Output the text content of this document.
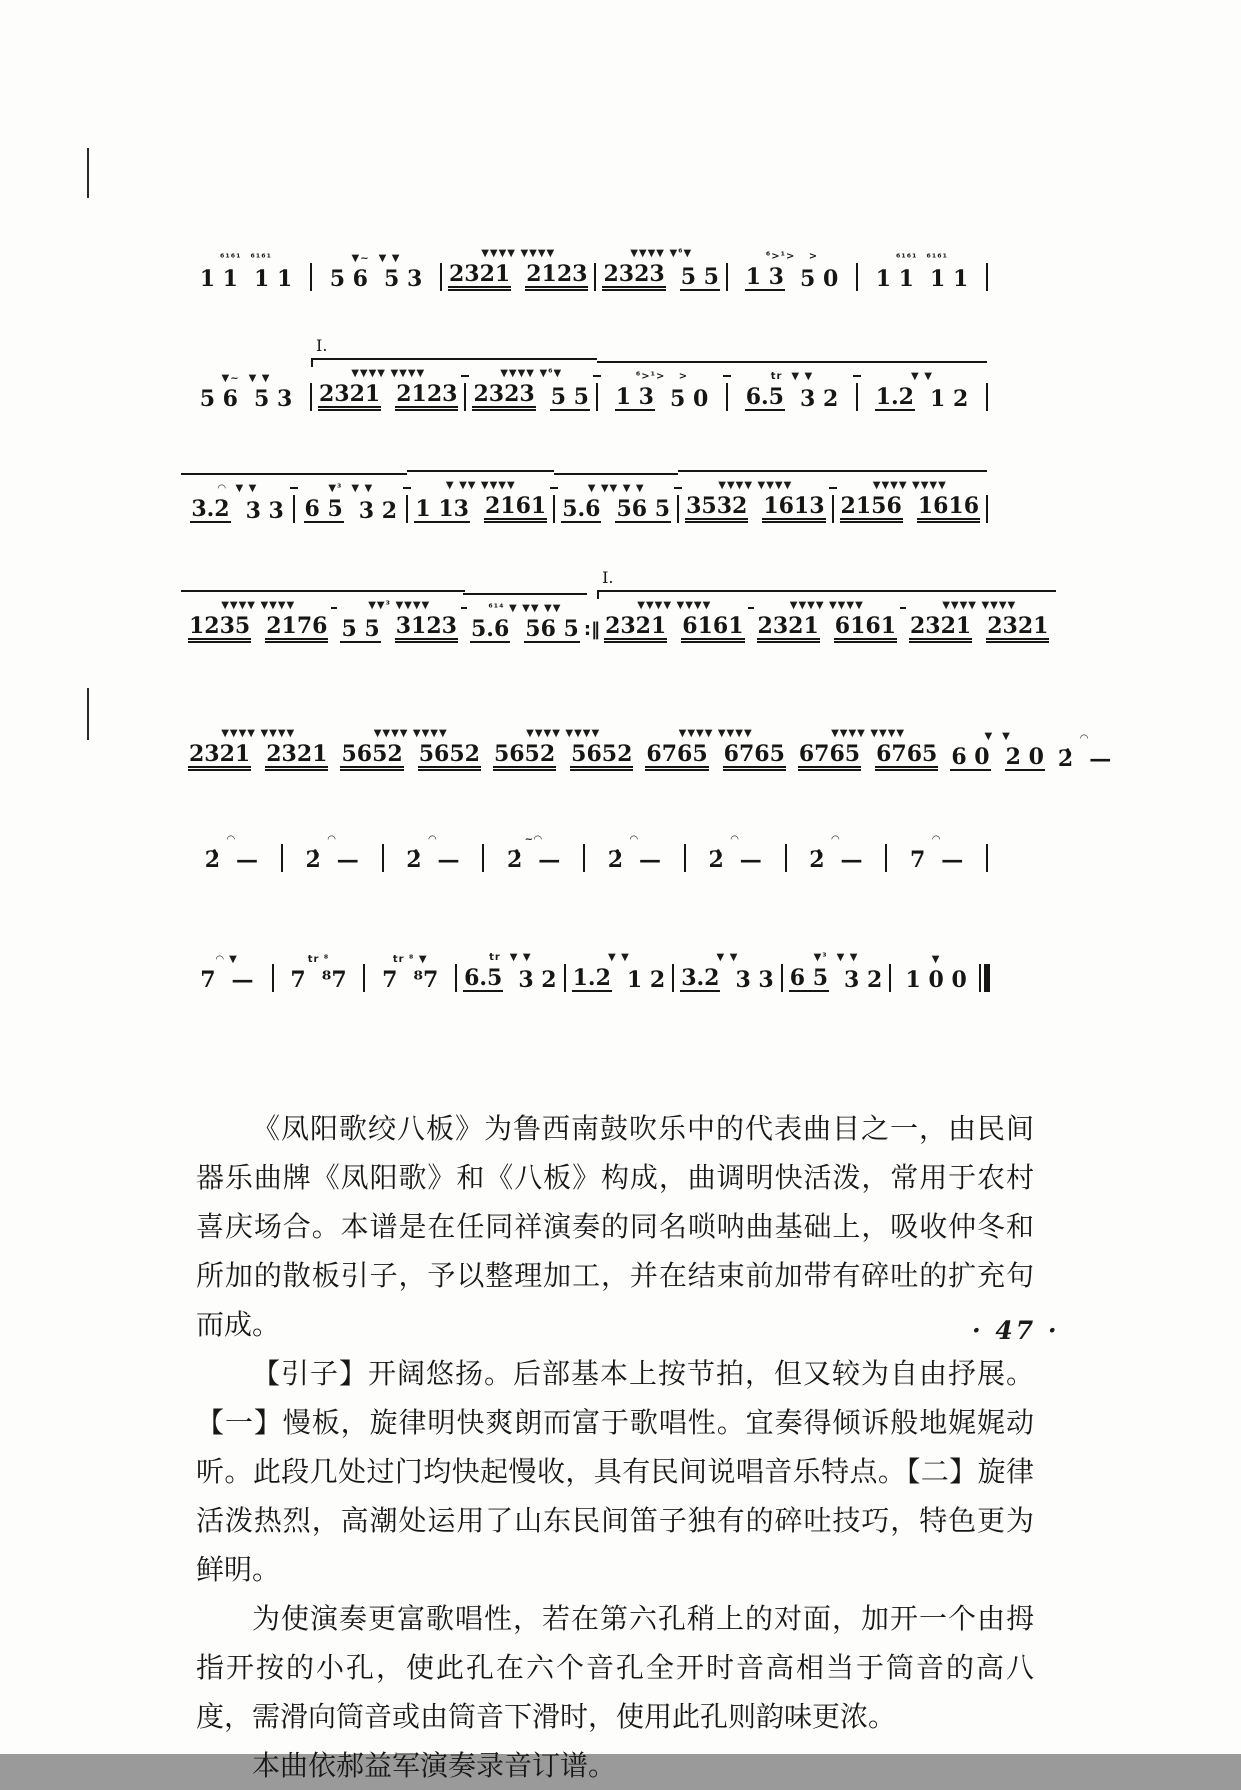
⁶¹⁶¹  ⁶¹⁶¹
1 1 1 1
▼~  ▼ ▼
5 6 5 3
▼▼▼▼ ▼▼▼▼
2321 2123
▼▼▼▼ ▼⁶▼
2323 5 5
⁶>¹>   >
1 3 5 0
⁶¹⁶¹  ⁶¹⁶¹
1 1 1 1
▼~  ▼ ▼
5 6 5 3
▼▼▼▼ ▼▼▼▼
2321 2123
I.
▼▼▼▼ ▼⁶▼
2323 5 5
⁶>¹>   >
1 3 5 0
tr  ▼ ▼
6.5 3 2
▼ ▼
1.2 1 2
◠  ▼ ▼
3.2 3 3
▼³  ▼ ▼
6 5 3 2
▼ ▼▼ ▼▼▼▼
1 13 2161
▼ ▼▼ ▼ ▼
5.6 56 5
▼▼▼▼ ▼▼▼▼
3532 1613
▼▼▼▼ ▼▼▼▼
2156 1616
▼▼▼▼ ▼▼▼▼
1235 2176
▼▼³ ▼▼▼▼
5 5 3123
⁶¹⁴ ▼ ▼▼ ▼▼
5.6 56 5 :‖
▼▼▼▼ ▼▼▼▼
2321 6161
I.
▼▼▼▼ ▼▼▼▼
2321 6161
▼▼▼▼ ▼▼▼▼
2321 2321
▼▼▼▼ ▼▼▼▼
2321 2321
▼▼▼▼ ▼▼▼▼
5652 5652
▼▼▼▼ ▼▼▼▼
5652 5652
▼▼▼▼ ▼▼▼▼
6765 6765
▼▼▼▼ ▼▼▼▼
6765 6765
▼  ▼
6 0 2 0
◠
2̇ —
◠
2̇ —
◠
2̇ —
◠
2̇ —
~◠
2̇ —
◠
2̇ —
◠
2̇ —
◠
2̇ —
◠
7 —
◠ ▼
7 —
tr ⁸
7 ⁸7
tr ⁸ ▼
7 ⁸7
tr  ▼ ▼
6.5 3 2
▼ ▼
1.2 1 2
▼ ▼
3.2 3 3
▼³  ▼ ▼
6 5 3 2
▼
1 0 0

《凤阳歌绞八板》为鲁西南鼓吹乐中的代表曲目之一，由民间器乐曲牌《凤阳歌》和《八板》构成，曲调明快活泼，常用于农村喜庆场合。本谱是在任同祥演奏的同名唢呐曲基础上，吸收仲冬和所加的散板引子，予以整理加工，并在结束前加带有碎吐的扩充句而成。

【引子】开阔悠扬。后部基本上按节拍，但又较为自由抒展。【一】慢板，旋律明快爽朗而富于歌唱性。宜奏得倾诉般地娓娓动听。此段几处过门均快起慢收，具有民间说唱音乐特点。【二】旋律活泼热烈，高潮处运用了山东民间笛子独有的碎吐技巧，特色更为鲜明。

为使演奏更富歌唱性，若在第六孔稍上的对面，加开一个由拇指开按的小孔，使此孔在六个音孔全开时音高相当于筒音的高八度，需滑向筒音或由筒音下滑时，使用此孔则韵味更浓。

本曲依郝益军演奏录音订谱。

· 47 ·
